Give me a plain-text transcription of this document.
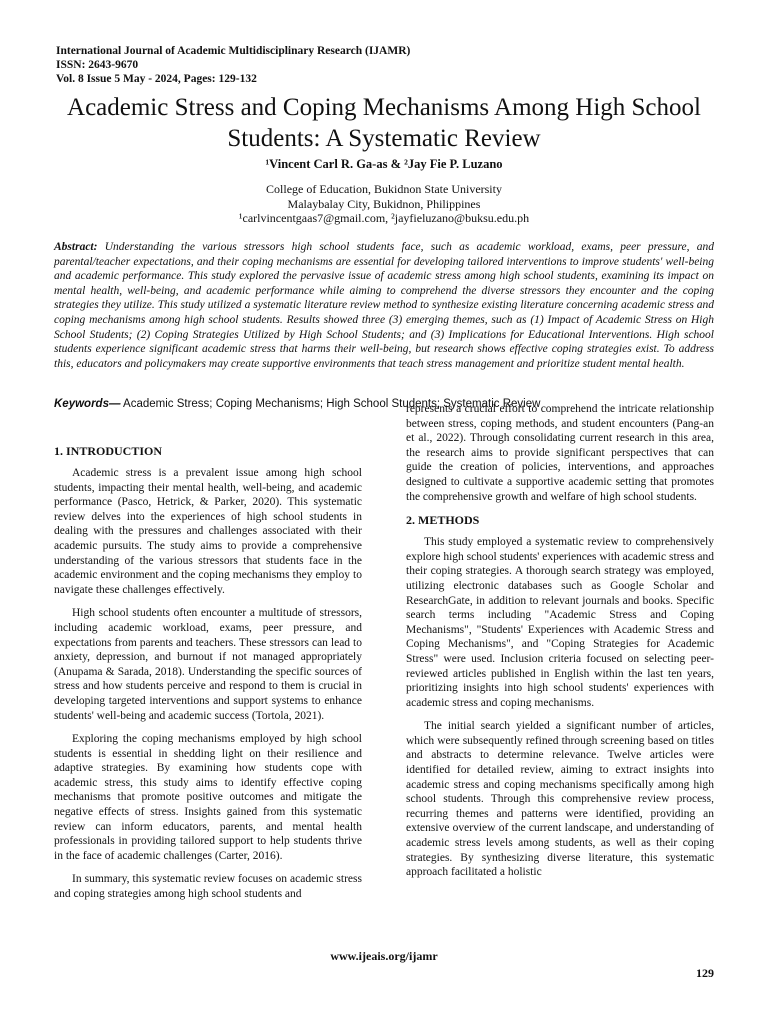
International Journal of Academic Multidisciplinary Research (IJAMR)
ISSN: 2643-9670
Vol. 8 Issue 5 May - 2024, Pages: 129-132
Academic Stress and Coping Mechanisms Among High School Students: A Systematic Review
¹Vincent Carl R. Ga-as & ²Jay Fie P. Luzano
College of Education, Bukidnon State University
Malaybalay City, Bukidnon, Philippines
¹carlvincentgaas7@gmail.com, ²jayfieluzano@buksu.edu.ph

Abstract: Understanding the various stressors high school students face, such as academic workload, exams, peer pressure, and parental/teacher expectations, and their coping mechanisms are essential for developing tailored interventions to improve students' well-being and academic performance. This study explored the pervasive issue of academic stress among high school students, examining its impact on mental health, well-being, and academic performance while aiming to comprehend the diverse stressors they encounter and the coping strategies they utilize. This study utilized a systematic literature review method to synthesize existing literature concerning academic stress and coping mechanisms among high school students. Results showed three (3) emerging themes, such as (1) Impact of Academic Stress on High School Students; (2) Coping Strategies Utilized by High School Students; and (3) Implications for Educational Interventions. High school students experience significant academic stress that harms their well-being, but research shows effective coping strategies exist. To address this, educators and policymakers may create supportive environments that teach stress management and prioritize student mental health.

Keywords— Academic Stress; Coping Mechanisms; High School Students; Systematic Review
1. INTRODUCTION

Academic stress is a prevalent issue among high school students, impacting their mental health, well-being, and academic performance (Pasco, Hetrick, & Parker, 2020). This systematic review delves into the experiences of high school students in dealing with the pressures and challenges associated with their academic pursuits. The study aims to provide a comprehensive understanding of the various stressors that students face in the academic environment and the coping mechanisms they employ to navigate these challenges effectively.

High school students often encounter a multitude of stressors, including academic workload, exams, peer pressure, and expectations from parents and teachers. These stressors can lead to anxiety, depression, and burnout if not managed appropriately (Anupama & Sarada, 2018). Understanding the specific sources of stress and how students perceive and respond to them is crucial in developing targeted interventions and support systems to enhance students' well-being and academic success (Tortola, 2021).

Exploring the coping mechanisms employed by high school students is essential in shedding light on their resilience and adaptive strategies. By examining how students cope with academic stress, this study aims to identify effective coping mechanisms that promote positive outcomes and mitigate the negative effects of stress. Insights gained from this systematic review can inform educators, parents, and mental health professionals in providing tailored support to help students thrive in the face of academic challenges (Carter, 2016).

In summary, this systematic review focuses on academic stress and coping strategies among high school students and

represents a crucial effort to comprehend the intricate relationship between stress, coping methods, and student encounters (Pang-an et al., 2022). Through consolidating current research in this area, the research aims to provide significant perspectives that can guide the creation of policies, interventions, and approaches designed to cultivate a supportive academic setting that promotes the comprehensive growth and welfare of high school students.

2. METHODS

This study employed a systematic review to comprehensively explore high school students' experiences with academic stress and their coping strategies. A thorough search strategy was employed, utilizing electronic databases such as Google Scholar and ResearchGate, in addition to relevant journals and books. Specific search terms including "Academic Stress and Coping Mechanisms", "Students' Experiences with Academic Stress and Coping Mechanisms", and "Coping Strategies for Academic Stress" were used. Inclusion criteria focused on selecting peer-reviewed articles published in English within the last ten years, prioritizing insights into high school students' experiences with academic stress and coping mechanisms.

The initial search yielded a significant number of articles, which were subsequently refined through screening based on titles and abstracts to determine relevance. Twelve articles were identified for detailed review, aiming to extract insights into academic stress and coping mechanisms specifically among high school students. Through this comprehensive review process, recurring themes and patterns were identified, providing an extensive overview of the current landscape, and understanding of academic stress levels among students, as well as their coping strategies. By synthesizing diverse literature, this systematic approach facilitated a holistic

www.ijeais.org/ijamr
129
